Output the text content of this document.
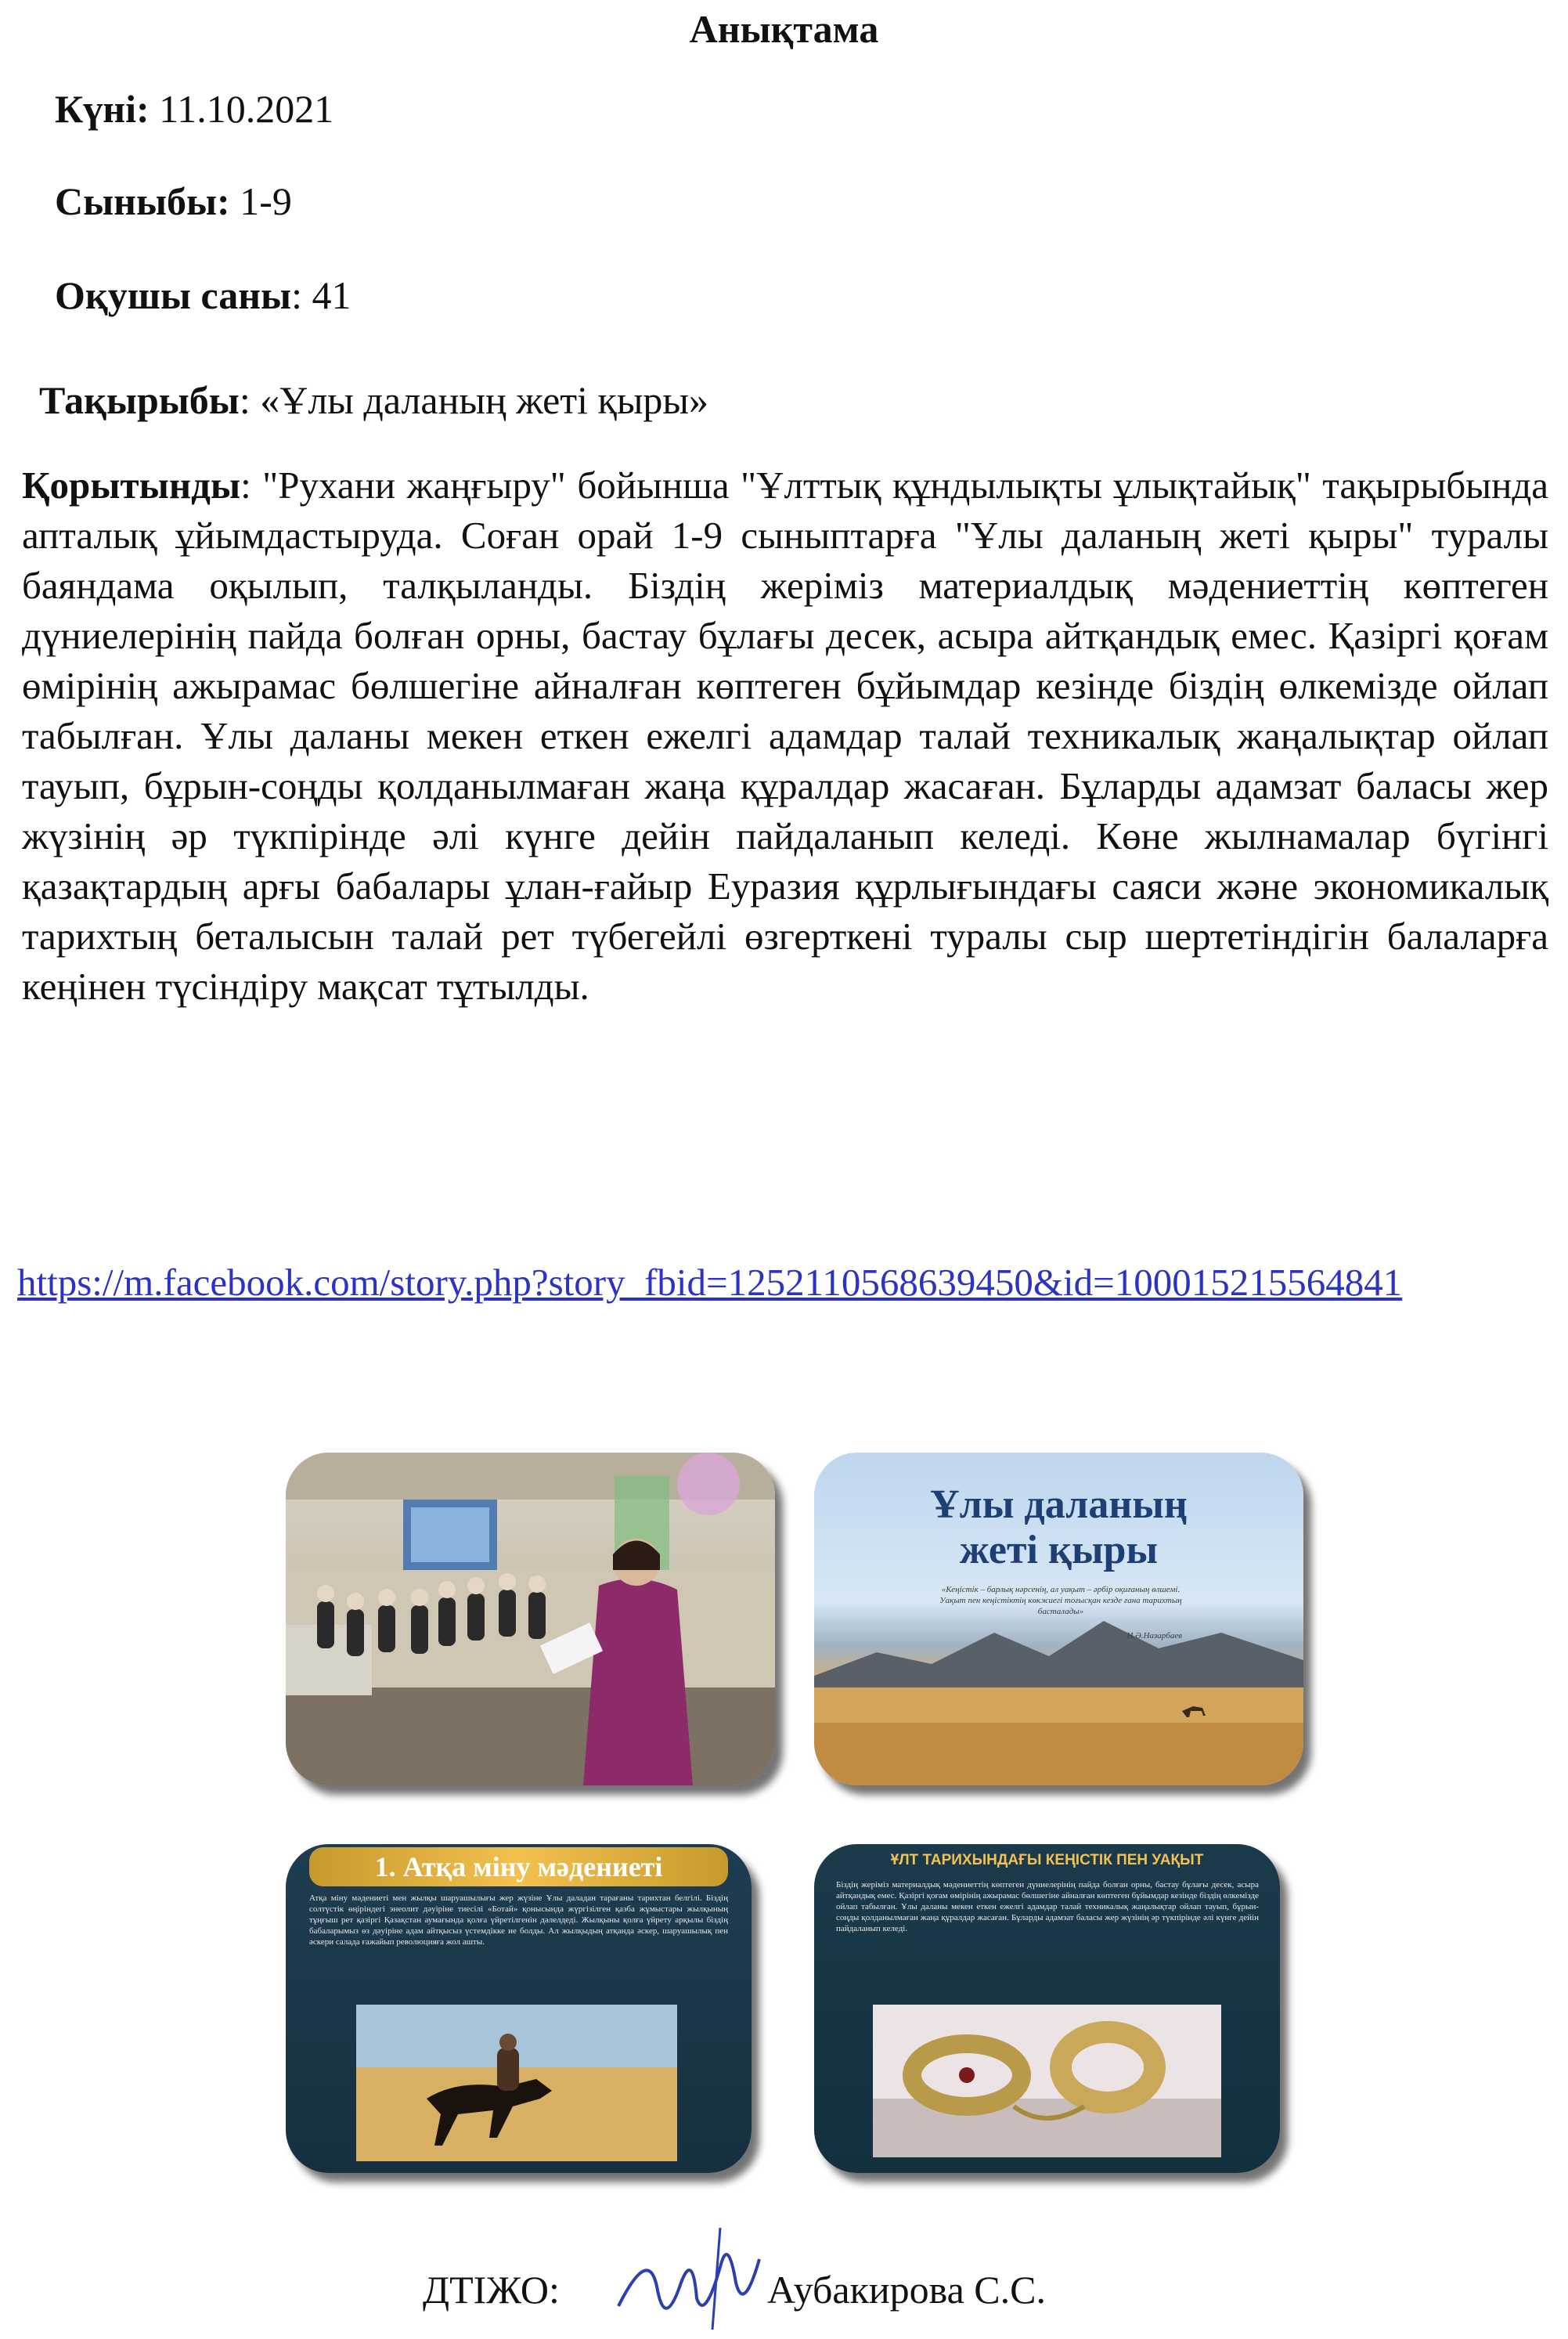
Анықтама
Күні: 11.10.2021
Сыныбы: 1-9
Оқушы саны: 41
Тақырыбы: «Ұлы даланың жеті қыры»
Қорытынды: "Рухани жаңғыру" бойынша "Ұлттық құндылықты ұлықтайық" тақырыбында апталық ұйымдастыруда. Соған орай 1-9 сыныптарға "Ұлы даланың жеті қыры" туралы баяндама оқылып, талқыланды. Біздің жеріміз материалдық мәдениеттің көптеген дүниелерінің пайда болған орны, бастау бұлағы десек, асыра айтқандық емес. Қазіргі қоғам өмірінің ажырамас бөлшегіне айналған көптеген бұйымдар кезінде біздің өлкемізде ойлап табылған. Ұлы даланы мекен еткен ежелгі адамдар талай техникалық жаңалықтар ойлап тауып, бұрын-соңды қолданылмаған жаңа құралдар жасаған. Бұларды адамзат баласы жер жүзінің әр түкпірінде әлі күнге дейін пайдаланып келеді. Көне жылнамалар бүгінгі қазақтардың арғы бабалары ұлан-ғайыр Еуразия құрлығындағы саяси және экономикалық тарихтың беталысын талай рет түбегейлі өзгерткені туралы сыр шертетіндігін балаларға кеңінен түсіндіру мақсат тұтылды.
https://m.facebook.com/story.php?story_fbid=1252110568639450&id=100015215564841
Ұлы даланың
жеті қыры
«Кеңістік – барлық нәрсенің, ал уақыт – әрбір оқиғаның өлшемі. Уақыт пен кеңістіктің көкжиегі тоғысқан кезде ғана тарихтың басталады»
Н.Ә.Назарбаев
1. Атқа міну мәдениеті
Атқа міну мәдениеті мен жылқы шаруашылығы жер жүзіне Ұлы даладан тарағаны тарихтан белгілі. Біздің солтүстік өңіріндегі энеолит дәуіріне тиесілі «Ботай» қонысында жүргізілген қазба жұмыстары жылқының тұңғыш рет қазіргі Қазақстан аумағында қолға үйретілгенін дәлелдеді. Жылқыны қолға үйрету арқылы біздің бабаларымыз өз дәуіріне адам айтқысыз үстемдікке ие болды. Ал жылқыдың атқанда әскер, шаруашылық пен әскери салада ғажайып революцияға жол ашты.
ҰЛТ ТАРИХЫНДАҒЫ КЕҢІСТІК ПЕН УАҚЫТ
Біздің жеріміз материалдық мәдениеттің көптеген дүниелерінің пайда болған орны, бастау бұлағы десек, асыра айтқандық емес. Қазіргі қоғам өмірінің ажырамас бөлшегіне айналған көптеген бұйымдар кезінде біздің өлкемізде ойлап табылған. Ұлы даланы мекен еткен ежелгі адамдар талай техникалық жаңалықтар ойлап тауып, бұрын-соңды қолданылмаған жаңа құралдар жасаған. Бұларды адамзат баласы жер жүзінің әр түкпірінде әлі күнге дейін пайдаланып келеді.
ДТІЖО:	Аубакирова С.С.
